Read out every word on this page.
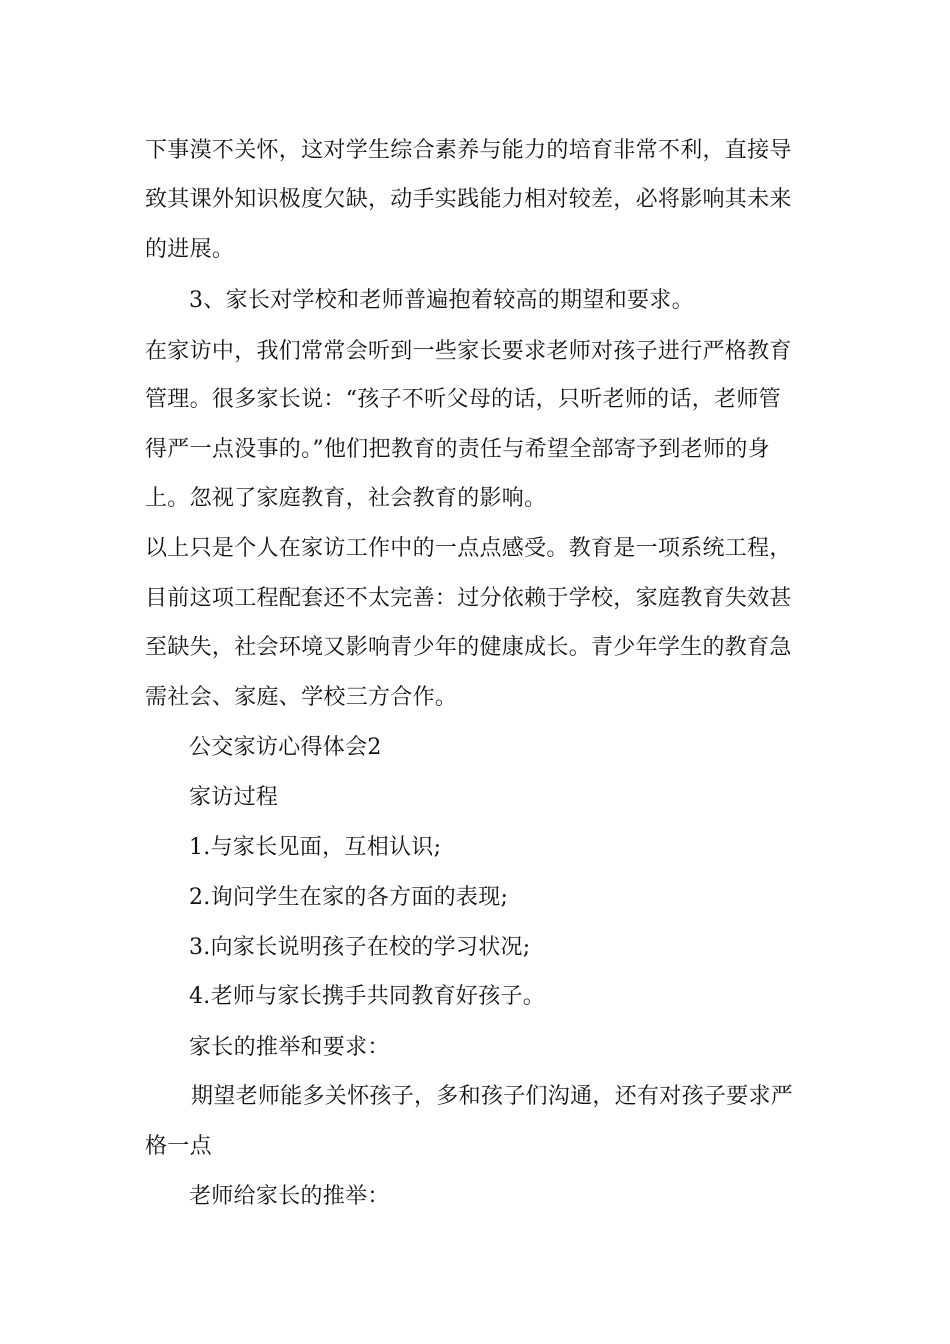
下事漠不关怀，这对学生综合素养与能力的培育非常不利，直接导
致其课外知识极度欠缺，动手实践能力相对较差，必将影响其未来
的进展。
3、家长对学校和老师普遍抱着较高的期望和要求。
在家访中，我们常常会听到一些家长要求老师对孩子进行严格教育
管理。很多家长说：“孩子不听父母的话，只听老师的话，老师管
得严一点没事的。”他们把教育的责任与希望全部寄予到老师的身
上。忽视了家庭教育，社会教育的影响。
以上只是个人在家访工作中的一点点感受。教育是一项系统工程，
目前这项工程配套还不太完善：过分依赖于学校，家庭教育失效甚
至缺失，社会环境又影响青少年的健康成长。青少年学生的教育急
需社会、家庭、学校三方合作。
公交家访心得体会2
家访过程
1.与家长见面，互相认识;
2.询问学生在家的各方面的表现;
3.向家长说明孩子在校的学习状况;
4.老师与家长携手共同教育好孩子。
家长的推举和要求：
期望老师能多关怀孩子，多和孩子们沟通，还有对孩子要求严
格一点
老师给家长的推举：
